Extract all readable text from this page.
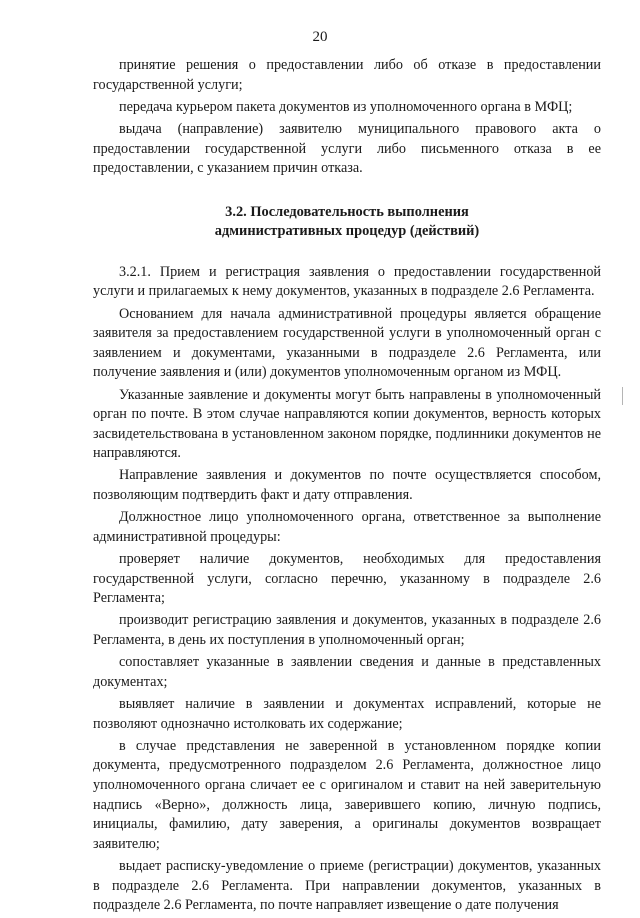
20

принятие решения о предоставлении либо об отказе в предоставлении государственной услуги;

передача курьером пакета документов из уполномоченного органа в МФЦ;

выдача (направление) заявителю муниципального правового акта о предоставлении государственной услуги либо письменного отказа в ее предоставлении, с указанием причин отказа.

3.2. Последовательность выполнения
административных процедур (действий)

3.2.1. Прием и регистрация заявления о предоставлении государственной услуги и прилагаемых к нему документов, указанных в подразделе 2.6 Регламента.

Основанием для начала административной процедуры является обращение заявителя за предоставлением государственной услуги в уполномоченный орган с заявлением и документами, указанными в подразделе 2.6 Регламента, или получение заявления и (или) документов уполномоченным органом из МФЦ.

Указанные заявление и документы могут быть направлены в уполномоченный орган по почте. В этом случае направляются копии документов, верность которых засвидетельствована в установленном законом порядке, подлинники документов не направляются.

Направление заявления и документов по почте осуществляется способом, позволяющим подтвердить факт и дату отправления.

Должностное лицо уполномоченного органа, ответственное за выполнение административной процедуры:

проверяет наличие документов, необходимых для предоставления государственной услуги, согласно перечню, указанному в подразделе 2.6 Регламента;

производит регистрацию заявления и документов, указанных в подразделе 2.6 Регламента, в день их поступления в уполномоченный орган;

сопоставляет указанные в заявлении сведения и данные в представленных документах;

выявляет наличие в заявлении и документах исправлений, которые не позволяют однозначно истолковать их содержание;

в случае представления не заверенной в установленном порядке копии документа, предусмотренного подразделом 2.6 Регламента, должностное лицо уполномоченного органа сличает ее с оригиналом и ставит на ней заверительную надпись «Верно», должность лица, заверившего копию, личную подпись, инициалы, фамилию, дату заверения, а оригиналы документов возвращает заявителю;

выдает расписку-уведомление о приеме (регистрации) документов, указанных в подразделе 2.6 Регламента. При направлении документов, указанных в подразделе 2.6 Регламента, по почте направляет извещение о дате получения
